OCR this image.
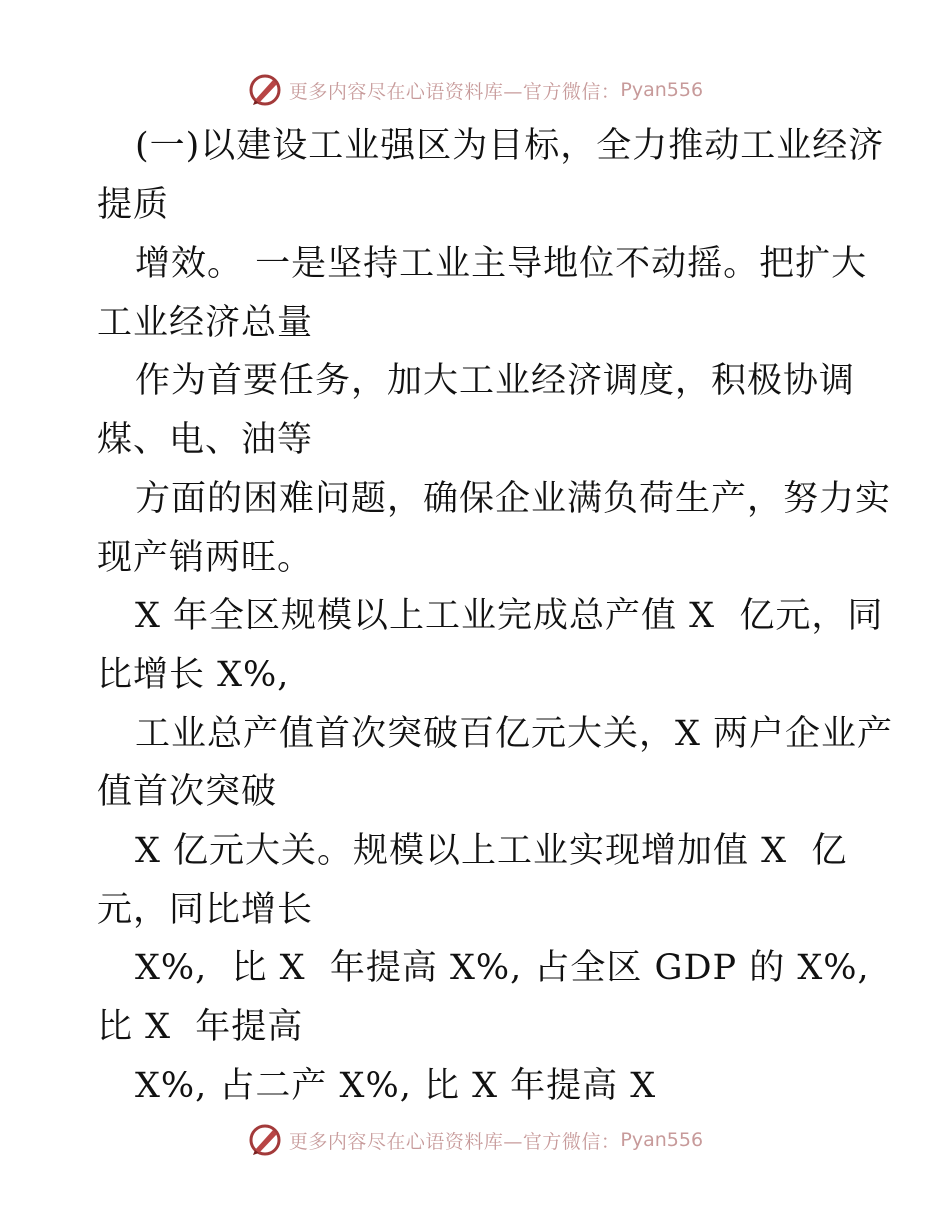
更多内容尽在心语资料库—官方微信： Pyan556
(一)以建设工业强区为目标，全力推动工业经济
提质
增效。 一是坚持工业主导地位不动摇。把扩大
工业经济总量
作为首要任务，加大工业经济调度，积极协调
煤、电、油等
方面的困难问题，确保企业满负荷生产，努力实
现产销两旺。
X 年全区规模以上工业完成总产值 X  亿元，同
比增长 X%,
工业总产值首次突破百亿元大关，X 两户企业产
值首次突破
X 亿元大关。规模以上工业实现增加值 X  亿
元，同比增长
X%,  比 X  年提高 X%, 占全区 GDP 的 X%,
比 X  年提高
X%, 占二产 X%, 比 X 年提高 X
更多内容尽在心语资料库—官方微信： Pyan556
